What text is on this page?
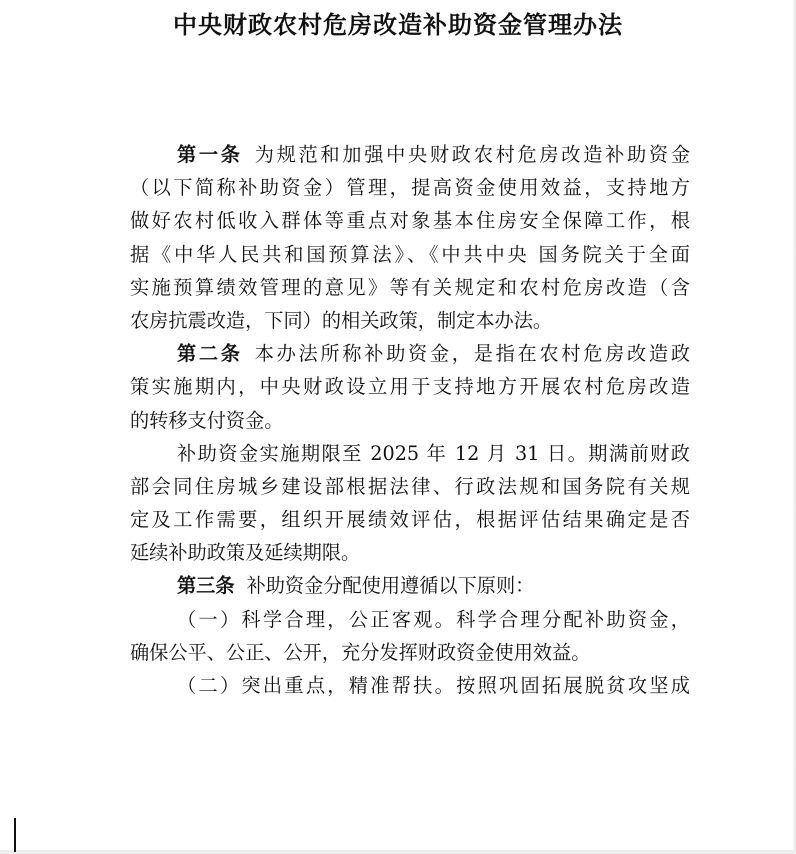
中央财政农村危房改造补助资金管理办法
第一条 为规范和加强中央财政农村危房改造补助资金
（以下简称补助资金）管理，提高资金使用效益，支持地方
做好农村低收入群体等重点对象基本住房安全保障工作，根
据《中华人民共和国预算法》、《中共中央 国务院关于全面
实施预算绩效管理的意见》等有关规定和农村危房改造（含
农房抗震改造，下同）的相关政策，制定本办法。
第二条 本办法所称补助资金，是指在农村危房改造政
策实施期内，中央财政设立用于支持地方开展农村危房改造
的转移支付资金。
补助资金实施期限至 2025 年 12 月 31 日。期满前财政
部会同住房城乡建设部根据法律、行政法规和国务院有关规
定及工作需要，组织开展绩效评估，根据评估结果确定是否
延续补助政策及延续期限。
第三条 补助资金分配使用遵循以下原则：
（一）科学合理，公正客观。科学合理分配补助资金，
确保公平、公正、公开，充分发挥财政资金使用效益。
（二）突出重点，精准帮扶。按照巩固拓展脱贫攻坚成
